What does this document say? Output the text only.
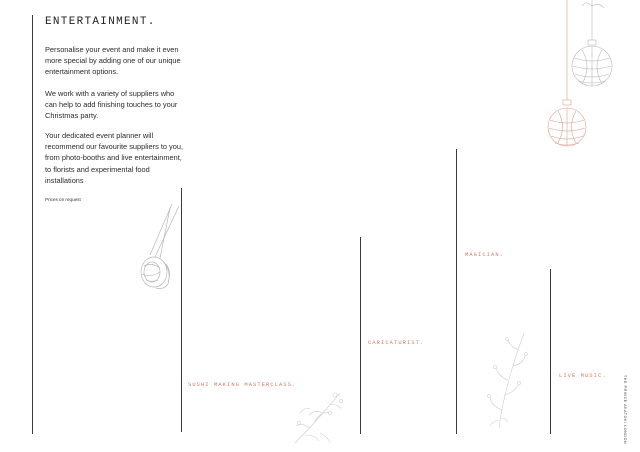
ENTERTAINMENT.

Personalise your event and make it even more special by adding one of our unique entertainment options.

We work with a variety of suppliers who can help to add finishing touches to your Christmas party.

Your dedicated event planner will recommend our favourite suppliers to you, from photo-booths and live entertainment, to florists and experimental food installations

Prices on request
SUSHI MAKING MASTERCLASS.
CARICATURIST.
MAGICIAN.
LIVE MUSIC.	THE PRINCE AKATOKI LONDON
